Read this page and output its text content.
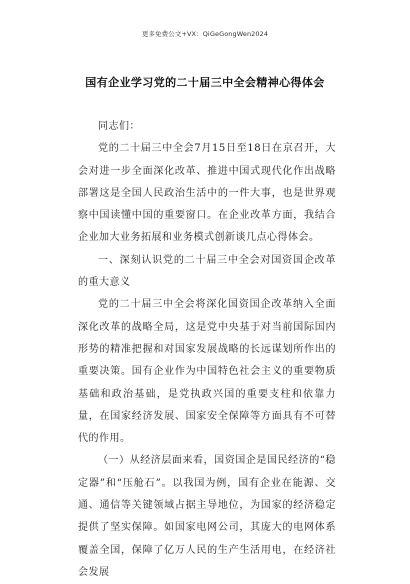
更多免费公文+VX：QiGeGongWen2024
国有企业学习党的二十届三中全会精神心得体会

同志们：

党的二十届三中全会7月15日至18日在京召开，大会对进一步全面深化改革、推进中国式现代化作出战略部署这是全国人民政治生活中的一件大事，也是世界观察中国读懂中国的重要窗口。在企业改革方面，我结合企业加大业务拓展和业务模式创新谈几点心得体会。

一、深刻认识党的二十届三中全会对国资国企改革的重大意义

党的二十届三中全会将深化国资国企改革纳入全面深化改革的战略全局，这是党中央基于对当前国际国内形势的精准把握和对国家发展战略的长远谋划所作出的重要决策。国有企业作为中国特色社会主义的重要物质基础和政治基础，是党执政兴国的重要支柱和依靠力量，在国家经济发展、国家安全保障等方面具有不可替代的作用。

（一）从经济层面来看，国资国企是国民经济的“稳定器”和“压舱石”。以我国为例，国有企业在能源、交通、通信等关键领域占据主导地位，为国家的经济稳定提供了坚实保障。如国家电网公司，其庞大的电网体系覆盖全国，保障了亿万人民的生产生活用电，在经济社会发展
